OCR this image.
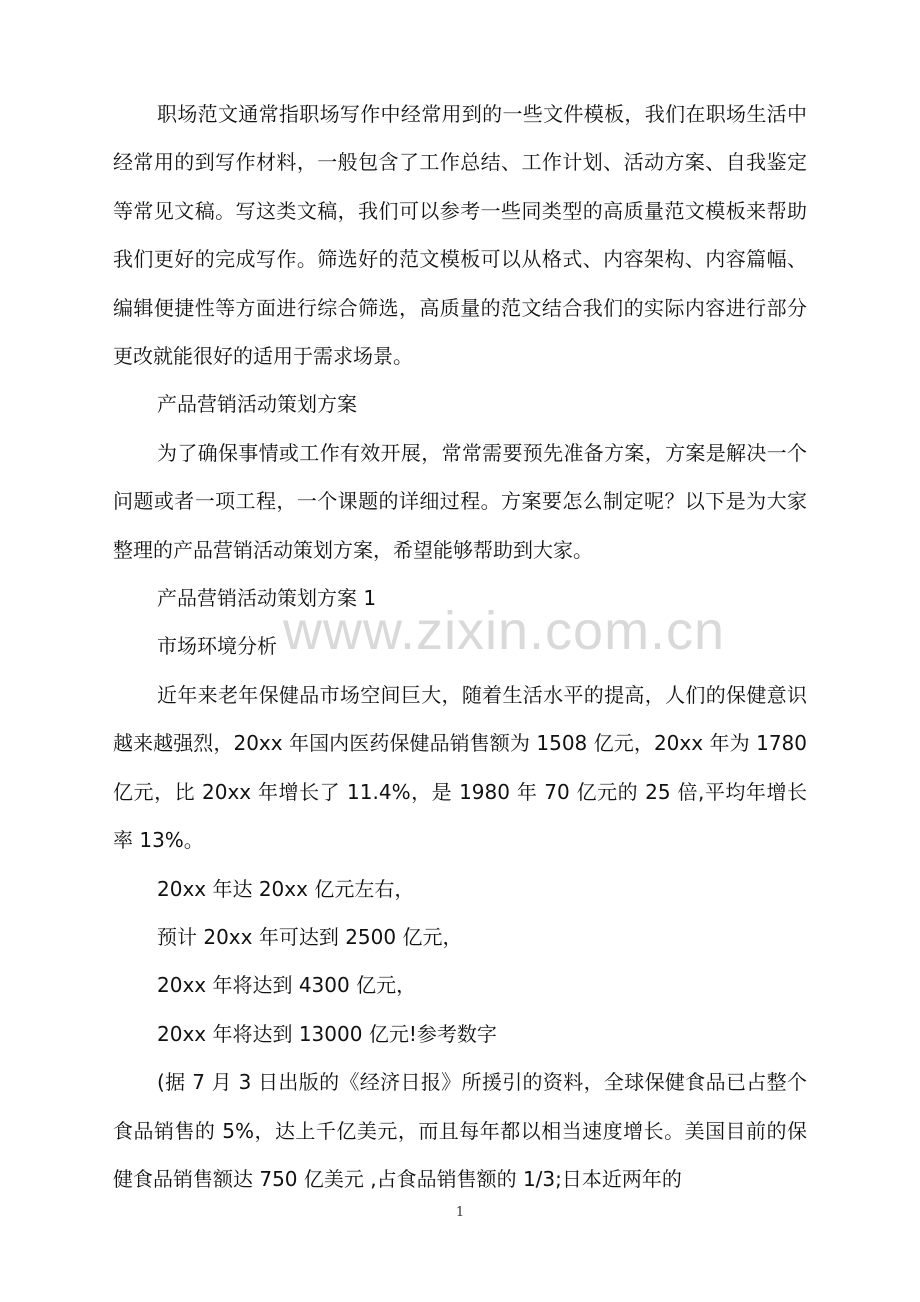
职场范文通常指职场写作中经常用到的一些文件模板，我们在职场生活中经常用的到写作材料，一般包含了工作总结、工作计划、活动方案、自我鉴定等常见文稿。写这类文稿，我们可以参考一些同类型的高质量范文模板来帮助我们更好的完成写作。筛选好的范文模板可以从格式、内容架构、内容篇幅、编辑便捷性等方面进行综合筛选，高质量的范文结合我们的实际内容进行部分更改就能很好的适用于需求场景。

产品营销活动策划方案

为了确保事情或工作有效开展，常常需要预先准备方案，方案是解决一个问题或者一项工程，一个课题的详细过程。方案要怎么制定呢？以下是为大家整理的产品营销活动策划方案，希望能够帮助到大家。

产品营销活动策划方案 1

市场环境分析

近年来老年保健品市场空间巨大，随着生活水平的提高，人们的保健意识越来越强烈，20xx 年国内医药保健品销售额为 1508 亿元，20xx 年为 1780 亿元，比 20xx 年增长了 11.4%，是 1980 年 70 亿元的 25 倍,平均年增长率 13%。

20xx 年达 20xx 亿元左右，

预计 20xx 年可达到 2500 亿元，

20xx 年将达到 4300 亿元，

20xx 年将达到 13000 亿元!参考数字

(据 7 月 3 日出版的《经济日报》所援引的资料，全球保健食品已占整个食品销售的 5%，达上千亿美元，而且每年都以相当速度增长。美国目前的保健食品销售额达 750 亿美元 ,占食品销售额的 1/3;日本近两年的

www.zixin.com.cn
1
